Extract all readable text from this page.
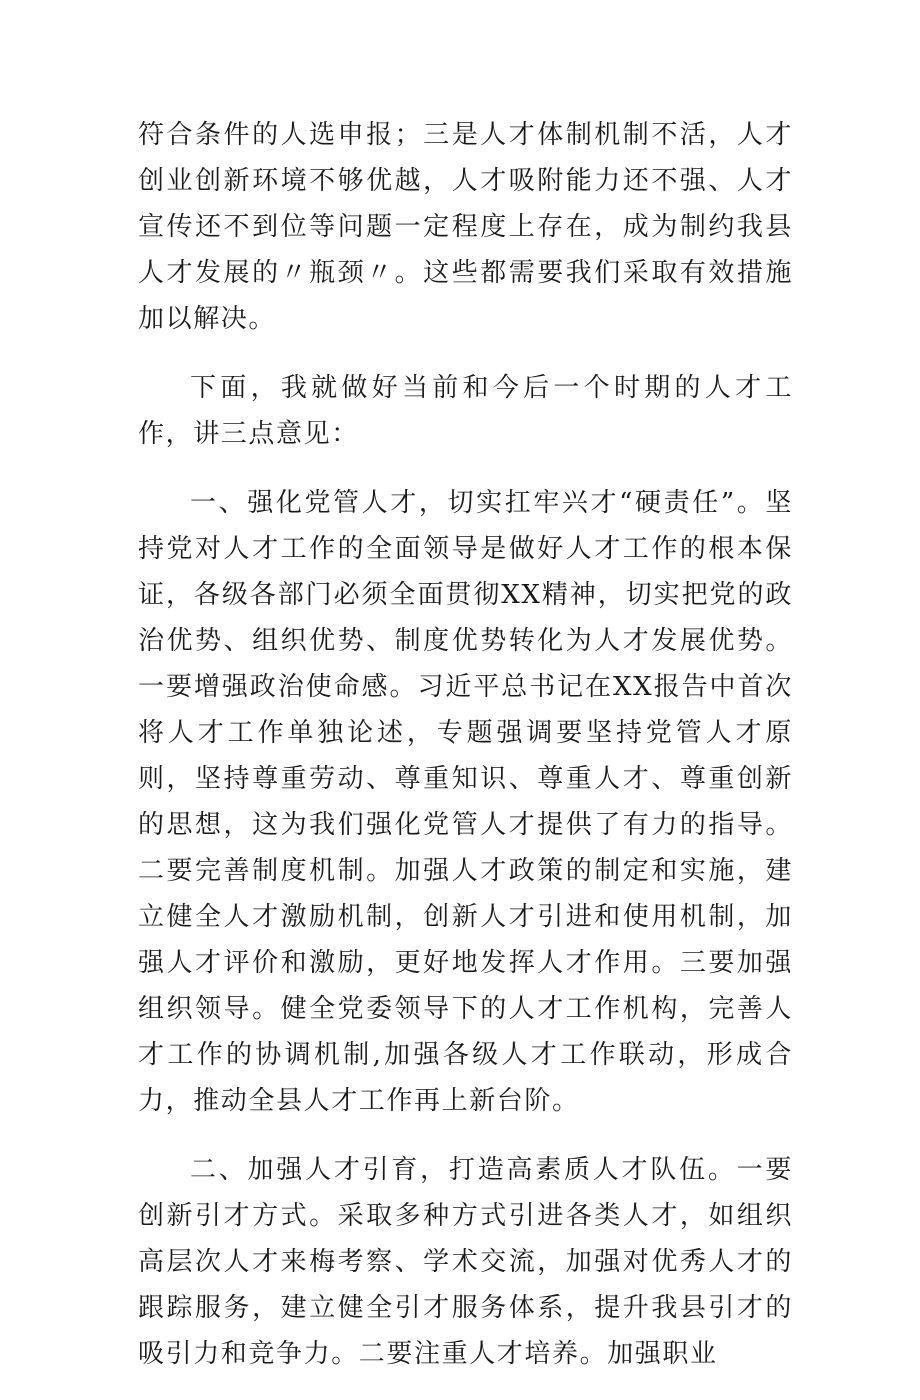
符合条件的人选申报；三是人才体制机制不活，人才创业创新环境不够优越，人才吸附能力还不强、人才宣传还不到位等问题一定程度上存在，成为制约我县人才发展的〃瓶颈〃。这些都需要我们采取有效措施加以解决。

下面，我就做好当前和今后一个时期的人才工作，讲三点意见：

一、强化党管人才，切实扛牢兴才“硬责任”。坚持党对人才工作的全面领导是做好人才工作的根本保证，各级各部门必须全面贯彻XX精神，切实把党的政治优势、组织优势、制度优势转化为人才发展优势。一要增强政治使命感。习近平总书记在XX报告中首次将人才工作单独论述，专题强调要坚持党管人才原则，坚持尊重劳动、尊重知识、尊重人才、尊重创新的思想，这为我们强化党管人才提供了有力的指导。二要完善制度机制。加强人才政策的制定和实施，建立健全人才激励机制，创新人才引进和使用机制，加强人才评价和激励，更好地发挥人才作用。三要加强组织领导。健全党委领导下的人才工作机构，完善人才工作的协调机制,加强各级人才工作联动，形成合力，推动全县人才工作再上新台阶。

二、加强人才引育，打造高素质人才队伍。一要创新引才方式。采取多种方式引进各类人才，如组织高层次人才来梅考察、学术交流，加强对优秀人才的跟踪服务，建立健全引才服务体系，提升我县引才的吸引力和竞争力。二要注重人才培养。加强职业
